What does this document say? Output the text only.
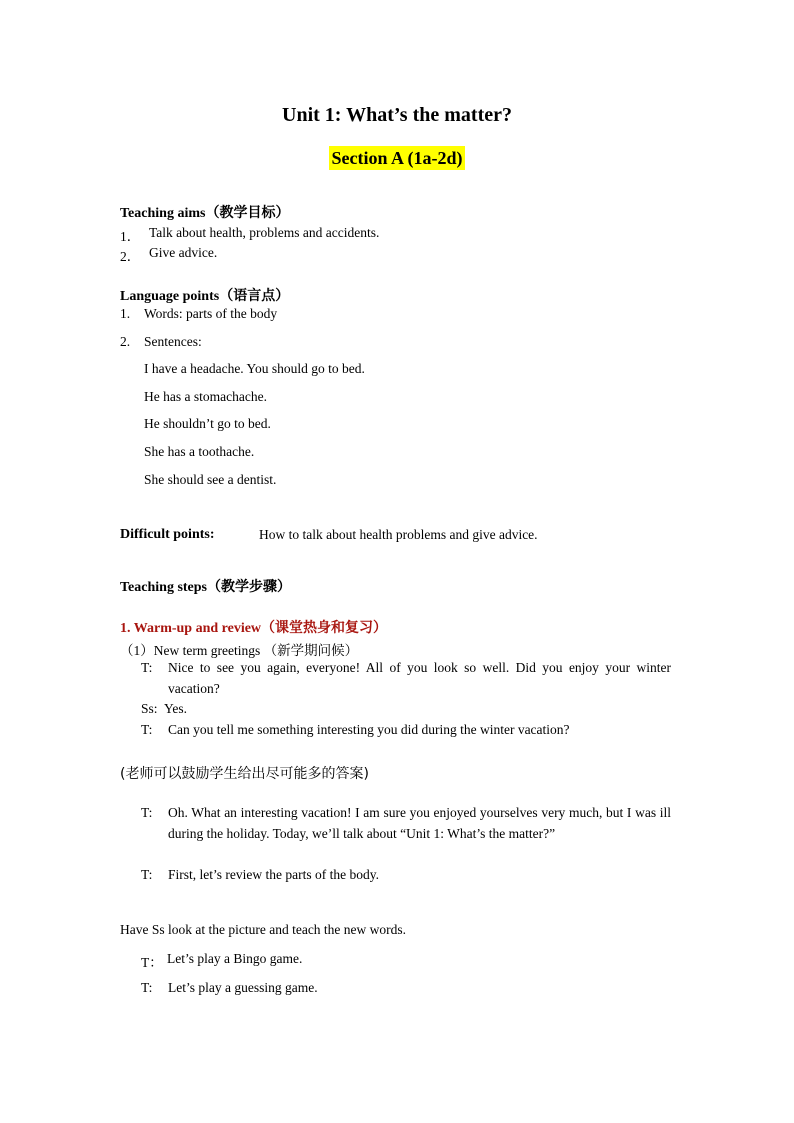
Unit 1: What’s the matter?
Section A (1a-2d)
Teaching aims（教学目标）
1． Talk about health, problems and accidents.
2． Give advice.
Language points（语言点）
1. Words: parts of the body
2. Sentences:
I have a headache. You should go to bed.
He has a stomachache.
He shouldn’t go to bed.
She has a toothache.
She should see a dentist.
Difficult points:	How to talk about health problems and give advice.
Teaching steps（教学步骤）
1. Warm-up and review（课堂热身和复习）
（1）New term greetings （新学期问候）
T: Nice to see you again, everyone! All of you look so well. Did you enjoy your winter vacation?
Ss: Yes.
T: Can you tell me something interesting you did during the winter vacation?
(老师可以鼓励学生给出尽可能多的答案)
T: Oh. What an interesting vacation! I am sure you enjoyed yourselves very much, but I was ill during the holiday. Today, we’ll talk about “Unit 1: What’s the matter?”
T: First, let’s review the parts of the body.
Have Ss look at the picture and teach the new words.
T： Let’s play a Bingo game.
T: Let’s play a guessing game.
